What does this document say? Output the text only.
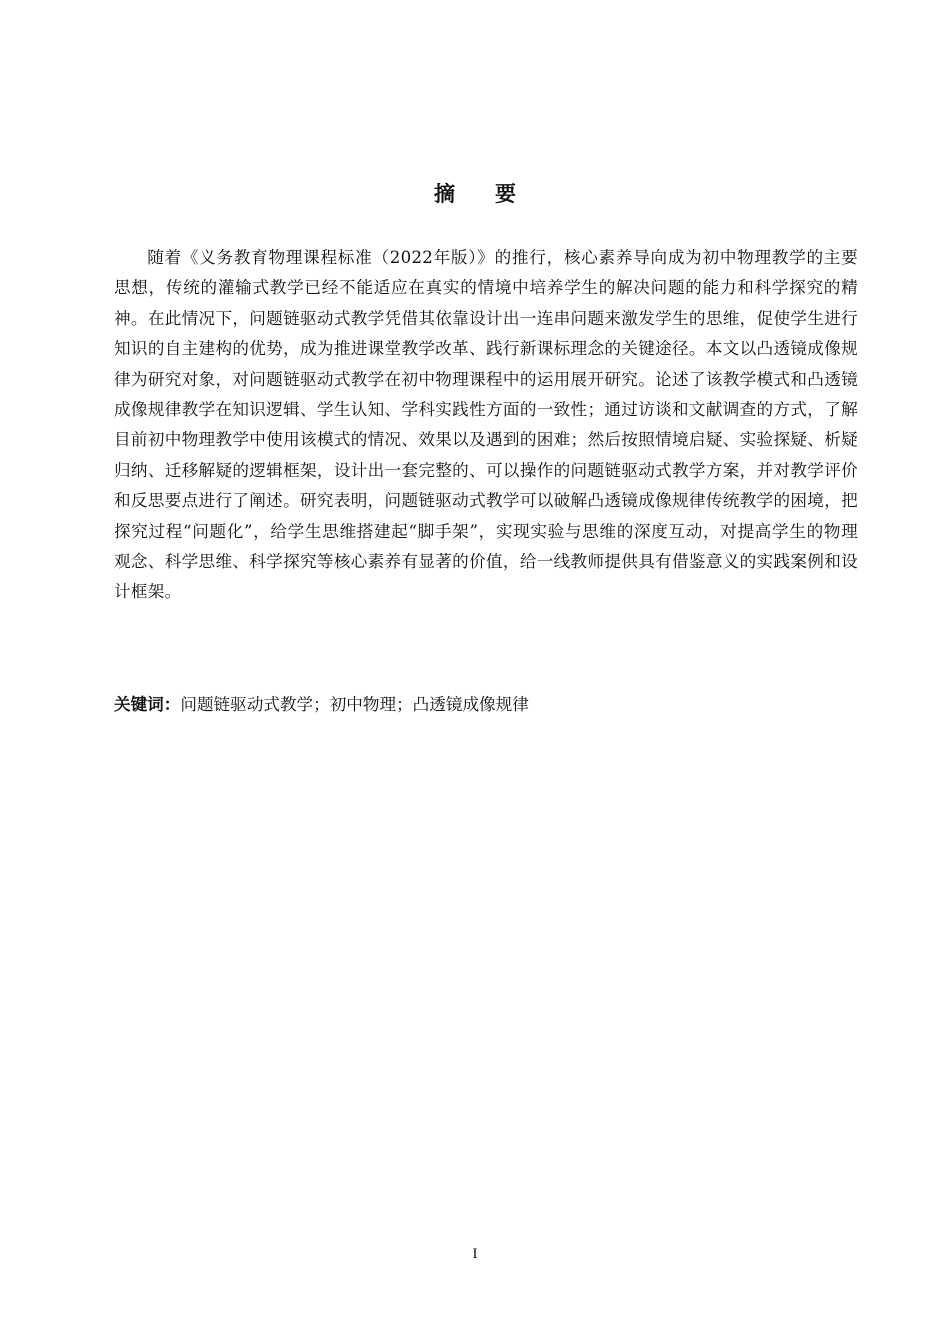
摘要

随着《义务教育物理课程标准（2022年版）》的推行，核心素养导向成为初中物理教学的主要思想，传统的灌输式教学已经不能适应在真实的情境中培养学生的解决问题的能力和科学探究的精神。在此情况下，问题链驱动式教学凭借其依靠设计出一连串问题来激发学生的思维，促使学生进行知识的自主建构的优势，成为推进课堂教学改革、践行新课标理念的关键途径。本文以凸透镜成像规律为研究对象，对问题链驱动式教学在初中物理课程中的运用展开研究。论述了该教学模式和凸透镜成像规律教学在知识逻辑、学生认知、学科实践性方面的一致性；通过访谈和文献调查的方式，了解目前初中物理教学中使用该模式的情况、效果以及遇到的困难；然后按照情境启疑、实验探疑、析疑归纳、迁移解疑的逻辑框架，设计出一套完整的、可以操作的问题链驱动式教学方案，并对教学评价和反思要点进行了阐述。研究表明，问题链驱动式教学可以破解凸透镜成像规律传统教学的困境，把探究过程“问题化”，给学生思维搭建起“脚手架”，实现实验与思维的深度互动，对提高学生的物理观念、科学思维、科学探究等核心素养有显著的价值，给一线教师提供具有借鉴意义的实践案例和设计框架。

关键词：问题链驱动式教学；初中物理；凸透镜成像规律
I
